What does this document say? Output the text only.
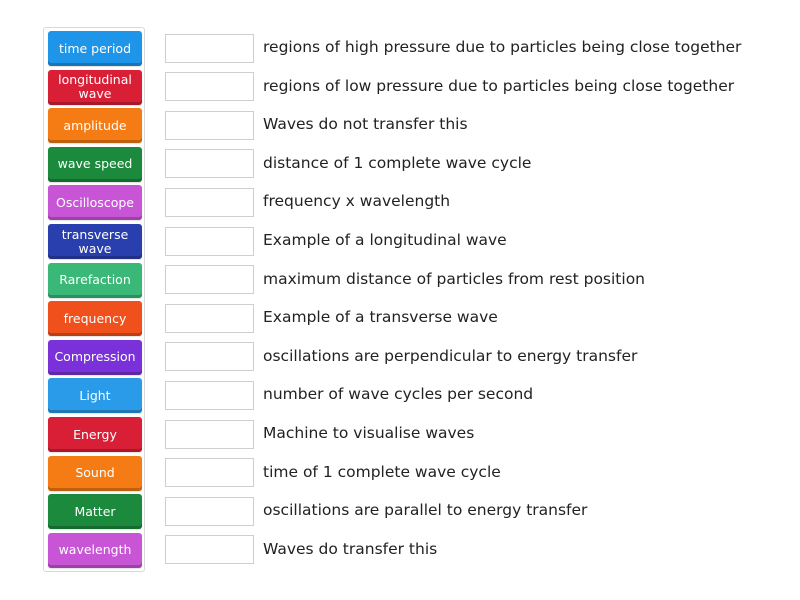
time period
longitudinal wave
amplitude
wave speed
Oscilloscope
transverse wave
Rarefaction
frequency
Compression
Light
Energy
Sound
Matter
wavelength
regions of high pressure due to particles being close together
regions of low pressure due to particles being close together
Waves do not transfer this
distance of 1 complete wave cycle
frequency x wavelength
Example of a longitudinal wave
maximum distance of particles from rest position
Example of a transverse wave
oscillations are perpendicular to energy transfer
number of wave cycles per second
Machine to visualise waves
time of 1 complete wave cycle
oscillations are parallel to energy transfer
Waves do transfer this
